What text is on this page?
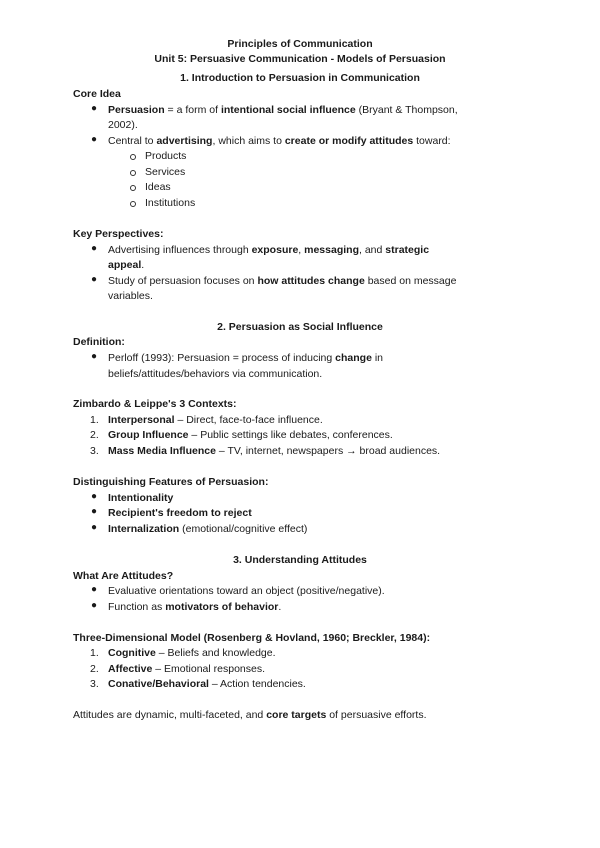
Principles of Communication
Unit 5: Persuasive Communication - Models of Persuasion
1. Introduction to Persuasion in Communication
Core Idea
● Persuasion = a form of intentional social influence (Bryant & Thompson,
2002).
● Central to advertising, which aims to create or modify attitudes toward:
Products
Services
Ideas
Institutions
Key Perspectives:
● Advertising influences through exposure, messaging, and strategic
appeal.
● Study of persuasion focuses on how attitudes change based on message
variables.
2. Persuasion as Social Influence
Definition:
● Perloff (1993): Persuasion = process of inducing change in
beliefs/attitudes/behaviors via communication.
Zimbardo & Leippe's 3 Contexts:
1. Interpersonal – Direct, face-to-face influence.
2. Group Influence – Public settings like debates, conferences.
3. Mass Media Influence – TV, internet, newspapers → broad audiences.
Distinguishing Features of Persuasion:
● Intentionality
● Recipient's freedom to reject
● Internalization (emotional/cognitive effect)
3. Understanding Attitudes
What Are Attitudes?
● Evaluative orientations toward an object (positive/negative).
● Function as motivators of behavior.
Three-Dimensional Model (Rosenberg & Hovland, 1960; Breckler, 1984):
1. Cognitive – Beliefs and knowledge.
2. Affective – Emotional responses.
3. Conative/Behavioral – Action tendencies.
Attitudes are dynamic, multi-faceted, and core targets of persuasive efforts.
